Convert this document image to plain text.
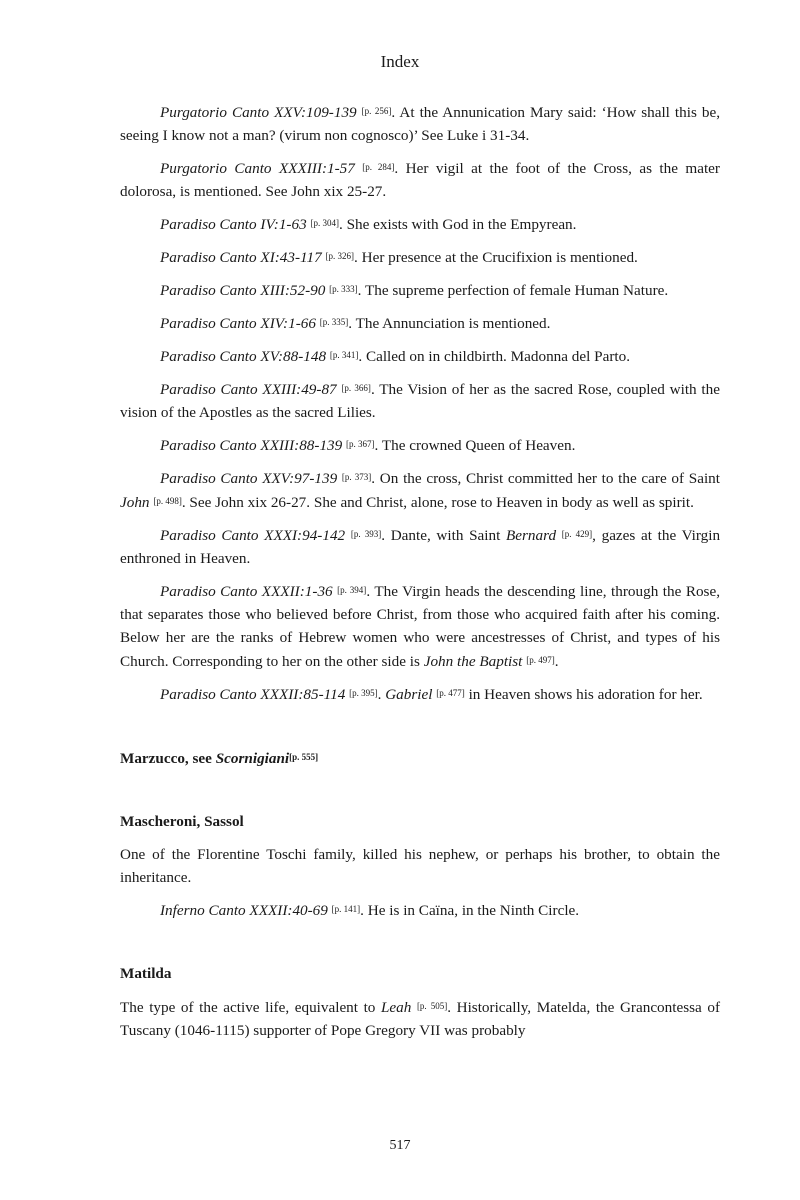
Index

Purgatorio Canto XXV:109-139 [p. 256]. At the Annunication Mary said: ‘How shall this be, seeing I know not a man? (virum non cognosco)’ See Luke i 31-34.

Purgatorio Canto XXXIII:1-57 [p. 284]. Her vigil at the foot of the Cross, as the mater dolorosa, is mentioned. See John xix 25-27.

Paradiso Canto IV:1-63 [p. 304]. She exists with God in the Empyrean.

Paradiso Canto XI:43-117 [p. 326]. Her presence at the Crucifixion is mentioned.

Paradiso Canto XIII:52-90 [p. 333]. The supreme perfection of female Human Nature.

Paradiso Canto XIV:1-66 [p. 335]. The Annunciation is mentioned.

Paradiso Canto XV:88-148 [p. 341]. Called on in childbirth. Madonna del Parto.

Paradiso Canto XXIII:49-87 [p. 366]. The Vision of her as the sacred Rose, coupled with the vision of the Apostles as the sacred Lilies.

Paradiso Canto XXIII:88-139 [p. 367]. The crowned Queen of Heaven.

Paradiso Canto XXV:97-139 [p. 373]. On the cross, Christ committed her to the care of Saint John [p. 498]. See John xix 26-27. She and Christ, alone, rose to Heaven in body as well as spirit.

Paradiso Canto XXXI:94-142 [p. 393]. Dante, with Saint Bernard [p. 429], gazes at the Virgin enthroned in Heaven.

Paradiso Canto XXXII:1-36 [p. 394]. The Virgin heads the descending line, through the Rose, that separates those who believed before Christ, from those who acquired faith after his coming. Below her are the ranks of Hebrew women who were ancestresses of Christ, and types of his Church. Corresponding to her on the other side is John the Baptist [p. 497].

Paradiso Canto XXXII:85-114 [p. 395]. Gabriel [p. 477] in Heaven shows his adoration for her.

Marzucco, see Scornigiani[p. 555]

Mascheroni, Sassol

One of the Florentine Toschi family, killed his nephew, or perhaps his brother, to obtain the inheritance.

Inferno Canto XXXII:40-69 [p. 141]. He is in Caïna, in the Ninth Circle.

Matilda

The type of the active life, equivalent to Leah [p. 505]. Historically, Matelda, the Grancontessa of Tuscany (1046-1115) supporter of Pope Gregory VII was probably

517
